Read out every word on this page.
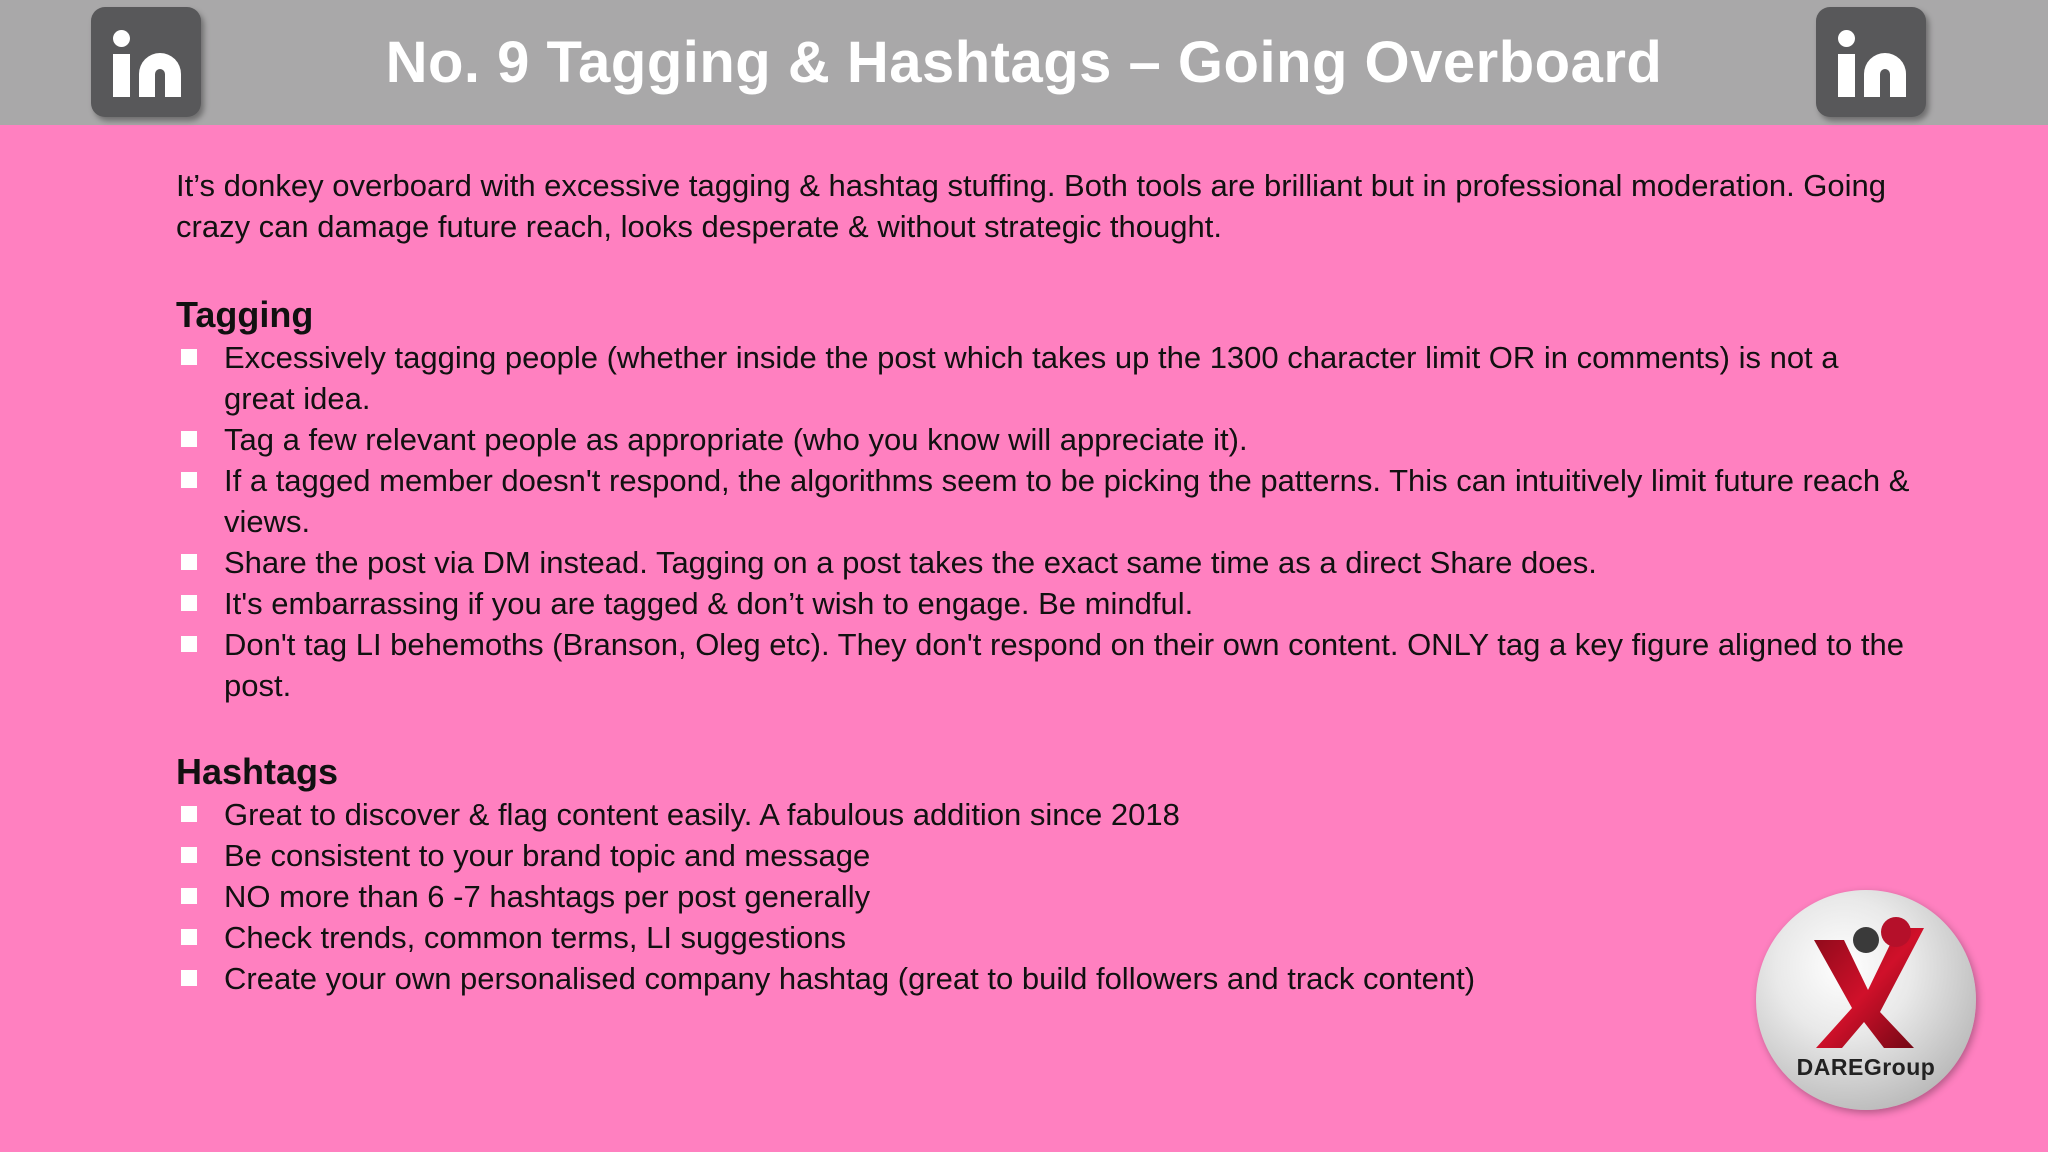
No. 9 Tagging & Hashtags – Going Overboard

It’s donkey overboard with excessive tagging & hashtag stuffing. Both tools are brilliant but in professional moderation. Going crazy can damage future reach, looks desperate & without strategic thought.

Tagging
Excessively tagging people (whether inside the post which takes up the 1300 character limit OR in comments) is not a great idea.
Tag a few relevant people as appropriate (who you know will appreciate it).
If a tagged member doesn't respond, the algorithms seem to be picking the patterns. This can intuitively limit future reach & views.
Share the post via DM instead. Tagging on a post takes the exact same time as a direct Share does.
It's embarrassing if you are tagged & don’t wish to engage. Be mindful.
Don't tag LI behemoths (Branson, Oleg etc). They don't respond on their own content. ONLY tag a key figure aligned to the post.
Hashtags
Great to discover & flag content easily. A fabulous addition since 2018
Be consistent to your brand topic and message
NO more than 6 -7 hashtags per post generally
Check trends, common terms, LI suggestions
Create your own personalised company hashtag (great to build followers and track content)
DAREGroup
